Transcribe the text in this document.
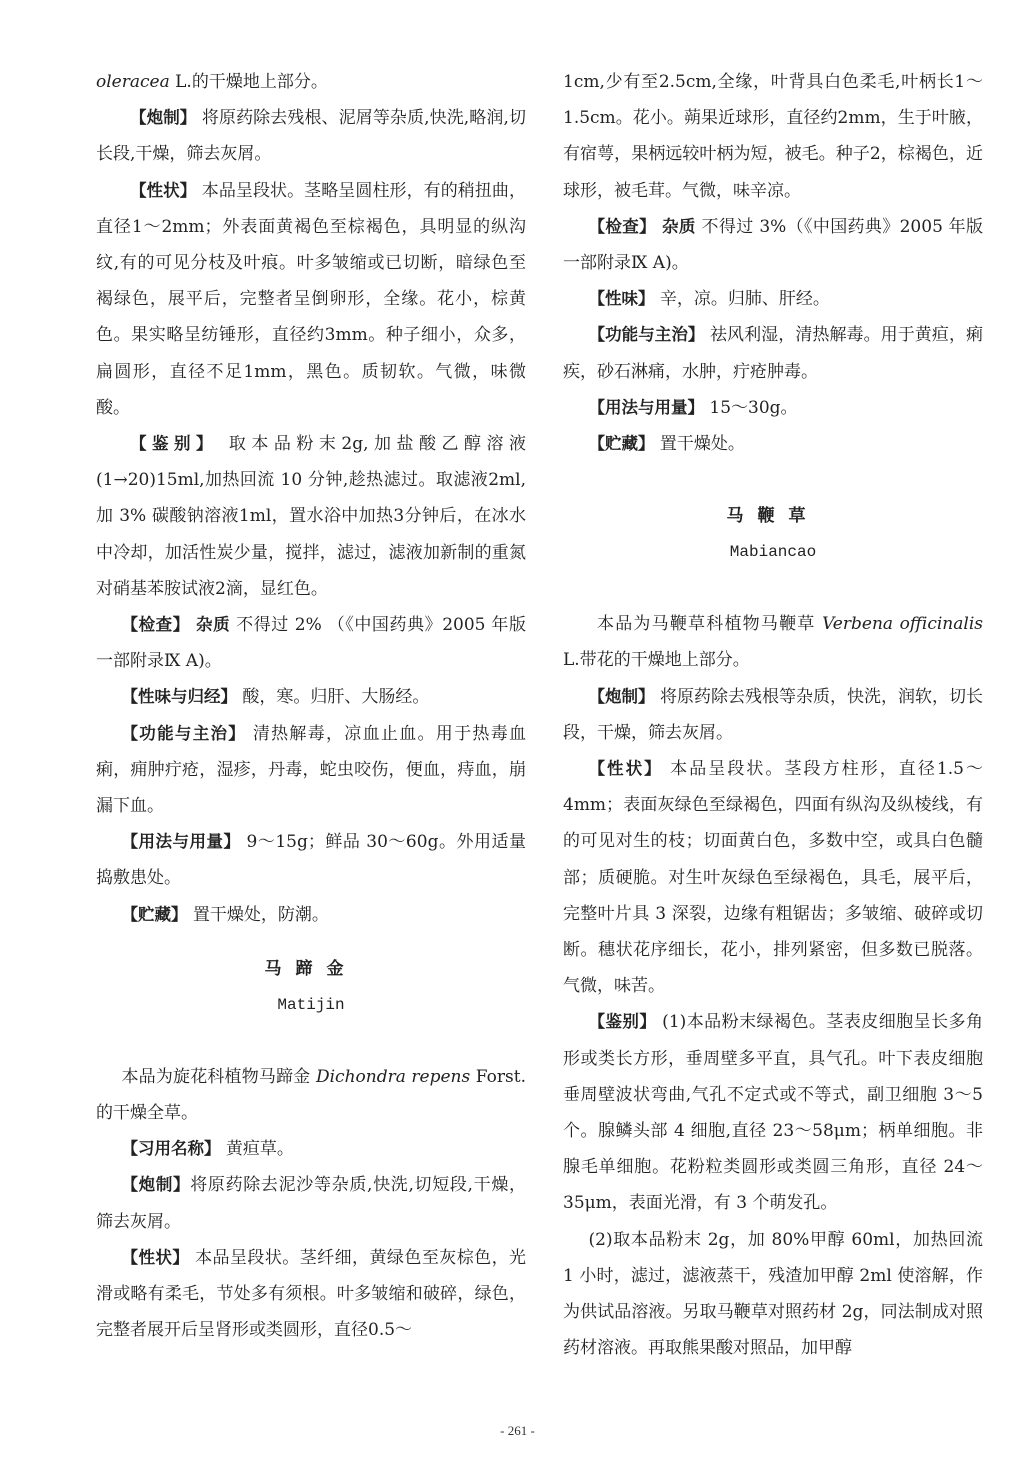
oleracea L.的干燥地上部分。

【炮制】 将原药除去残根、泥屑等杂质,快洗,略润,切长段,干燥，筛去灰屑。

【性状】 本品呈段状。茎略呈圆柱形，有的稍扭曲，直径1～2mm；外表面黄褐色至棕褐色，具明显的纵沟纹,有的可见分枝及叶痕。叶多皱缩或已切断，暗绿色至褐绿色，展平后，完整者呈倒卵形，全缘。花小，棕黄色。果实略呈纺锤形，直径约3mm。种子细小，众多，扁圆形，直径不足1mm，黑色。质韧软。气微，味微酸。

【鉴别】 取本品粉末2g,加盐酸乙醇溶液(1→20)15ml,加热回流 10 分钟,趁热滤过。取滤液2ml,加 3% 碳酸钠溶液1ml，置水浴中加热3分钟后，在冰水中冷却，加活性炭少量，搅拌，滤过，滤液加新制的重氮对硝基苯胺试液2滴，显红色。

【检查】 杂质 不得过 2% （《中国药典》2005 年版一部附录Ⅸ A)。

【性味与归经】 酸，寒。归肝、大肠经。

【功能与主治】 清热解毒，凉血止血。用于热毒血痢，痈肿疔疮，湿疹，丹毒，蛇虫咬伤，便血，痔血，崩漏下血。

【用法与用量】 9～15g；鲜品 30～60g。外用适量捣敷患处。

【贮藏】 置干燥处，防潮。

马蹄金

Matijin

本品为旋花科植物马蹄金 Dichondra repens Forst.的干燥全草。

【习用名称】 黄疸草。

【炮制】将原药除去泥沙等杂质,快洗,切短段,干燥，筛去灰屑。

【性状】 本品呈段状。茎纤细，黄绿色至灰棕色，光滑或略有柔毛，节处多有须根。叶多皱缩和破碎，绿色，完整者展开后呈肾形或类圆形，直径0.5～

1cm,少有至2.5cm,全缘，叶背具白色柔毛,叶柄长1～1.5cm。花小。蒴果近球形，直径约2mm，生于叶腋，有宿萼，果柄远较叶柄为短，被毛。种子2，棕褐色，近球形，被毛茸。气微，味辛凉。

【检查】 杂质 不得过 3%（《中国药典》2005 年版一部附录Ⅸ A)。

【性味】 辛，凉。归肺、肝经。

【功能与主治】 祛风利湿，清热解毒。用于黄疸，痢疾，砂石淋痛，水肿，疔疮肿毒。

【用法与用量】 15～30g。

【贮藏】 置干燥处。

马鞭草

Mabiancao

本品为马鞭草科植物马鞭草 Verbena officinalis L.带花的干燥地上部分。

【炮制】 将原药除去残根等杂质，快洗，润软，切长段，干燥，筛去灰屑。

【性状】 本品呈段状。茎段方柱形，直径1.5～4mm；表面灰绿色至绿褐色，四面有纵沟及纵棱线，有的可见对生的枝；切面黄白色，多数中空，或具白色髓部；质硬脆。对生叶灰绿色至绿褐色，具毛，展平后，完整叶片具 3 深裂，边缘有粗锯齿；多皱缩、破碎或切断。穗状花序细长，花小，排列紧密，但多数已脱落。气微，味苦。

【鉴别】 (1)本品粉末绿褐色。茎表皮细胞呈长多角形或类长方形，垂周壁多平直，具气孔。叶下表皮细胞垂周壁波状弯曲,气孔不定式或不等式，副卫细胞 3～5 个。腺鳞头部 4 细胞,直径 23～58μm；柄单细胞。非腺毛单细胞。花粉粒类圆形或类圆三角形，直径 24～35μm，表面光滑，有 3 个萌发孔。

(2)取本品粉末 2g，加 80%甲醇 60ml，加热回流 1 小时，滤过，滤液蒸干，残渣加甲醇 2ml 使溶解，作为供试品溶液。另取马鞭草对照药材 2g，同法制成对照药材溶液。再取熊果酸对照品，加甲醇

- 261 -
